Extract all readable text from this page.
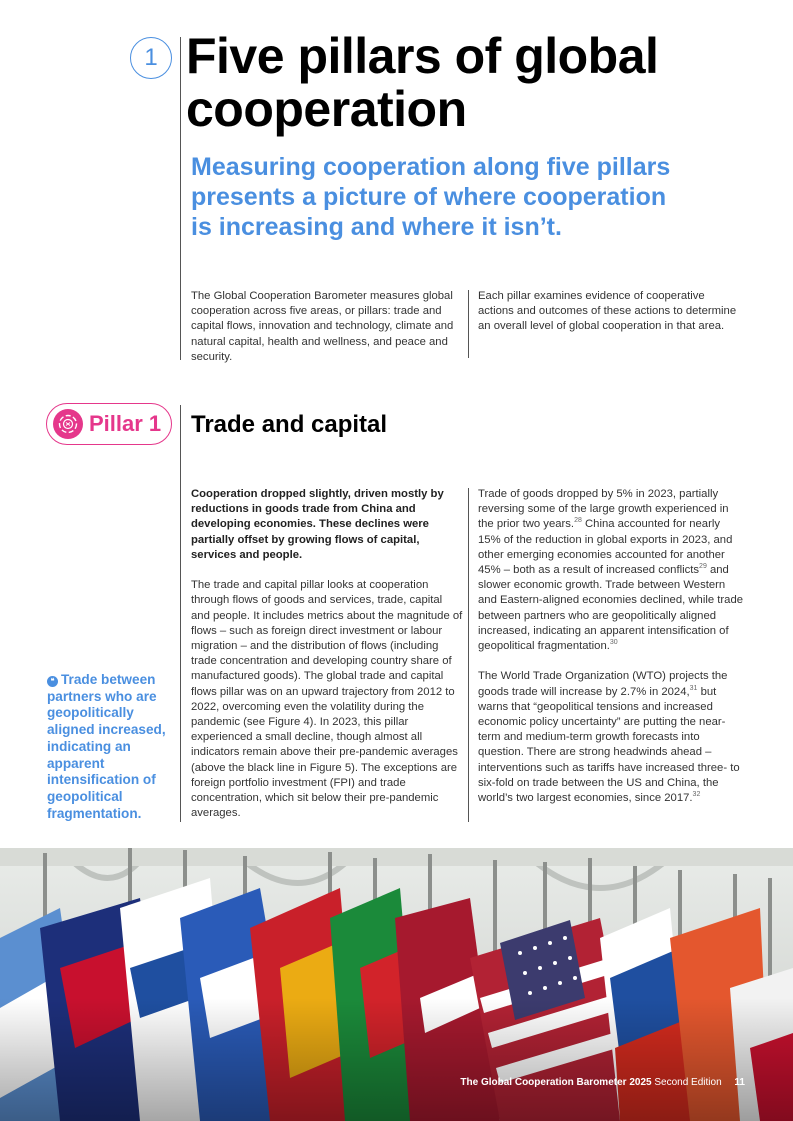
1 Five pillars of global cooperation
Measuring cooperation along five pillars presents a picture of where cooperation is increasing and where it isn’t.

The Global Cooperation Barometer measures global cooperation across five areas, or pillars: trade and capital flows, innovation and technology, climate and natural capital, health and wellness, and peace and security.

Each pillar examines evidence of cooperative actions and outcomes of these actions to determine an overall level of global cooperation in that area.

Pillar 1 Trade and capital

Cooperation dropped slightly, driven mostly by reductions in goods trade from China and developing economies. These declines were partially offset by growing flows of capital, services and people.

The trade and capital pillar looks at cooperation through flows of goods and services, trade, capital and people. It includes metrics about the magnitude of flows – such as foreign direct investment or labour migration – and the distribution of flows (including trade concentration and developing country share of manufactured goods). The global trade and capital flows pillar was on an upward trajectory from 2012 to 2022, overcoming even the volatility during the pandemic (see Figure 4). In 2023, this pillar experienced a small decline, though almost all indicators remain above their pre-pandemic averages (above the black line in Figure 5). The exceptions are foreign portfolio investment (FPI) and trade concentration, which sit below their pre-pandemic averages.

Trade of goods dropped by 5% in 2023, partially reversing some of the large growth experienced in the prior two years.$^{28}$ China accounted for nearly 15% of the reduction in global exports in 2023, and other emerging economies accounted for another 45% – both as a result of increased conflicts$^{29}$ and slower economic growth. Trade between Western and Eastern-aligned economies declined, while trade between partners who are geopolitically aligned increased, indicating an apparent intensification of geopolitical fragmentation.$^{30}$

The World Trade Organization (WTO) projects the goods trade will increase by 2.7% in 2024,31 but warns that “geopolitical tensions and increased economic policy uncertainty” are putting the near-term and medium-term growth forecasts into question. There are strong headwinds ahead – interventions such as tariffs have increased three- to six-fold on trade between the US and China, the world’s two largest economies, since 2017.32

❝ Trade between partners who are geopolitically aligned increased, indicating an apparent intensification of geopolitical fragmentation.
The Global Cooperation Barometer 2025 Second Edition 11
